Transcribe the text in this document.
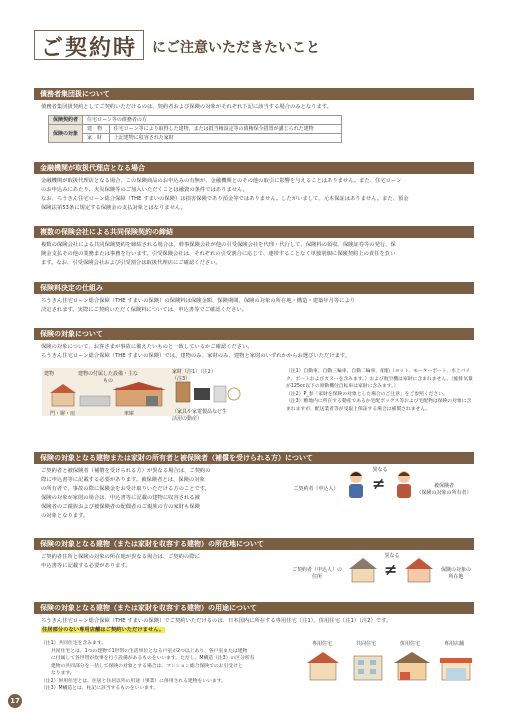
ご契約時 にご注意いただきたいこと
債務者集団扱について
債務者集団扱契約としてご契約いただけるのは、契約者および保険の対象がそれぞれ下記に該当する場合のみとなります。
保険契約者	住宅ローン等の債務者の方	
保険の対象	建　物	住宅ローン等により取得した建物、または抵当権設定等の債権保全措置が講じられた建物
	家　財	上記建物に収容された家財
金融機関が取扱代理店となる場合
金融機関が取扱代理店となる場合、この保険商品のお申込みの有無が、金融機関とのその他の取引に影響を与えることはありません。また、住宅ローン
のお申込みにあたり、火災保険等のご加入いただくことは融資の条件ではありません。
なお、ろうきん住宅ローン総合保障（THE すまいの保険）は損害保険であり預金等ではありません。したがいまして、元本保証はありません。また、預金
保険法第53条に規定する保険金の支払対象とはなりません。
複数の保険会社による共同保険契約の締結
複数の保険会社による共同保険契約を締結される場合は、幹事保険会社が他の引受保険会社を代理・代行して、保険料の領収、保険証券等の発行、保
険金支払その他の業務または事務を行います。引受保険会社は、それぞれの引受割合に応じて、連帯することなく単独別個に保険契約上の責任を負い
ます。なお、引受保険会社および引受割合は取扱代理店にご確認ください。
保険料決定の仕組み
ろうきん住宅ローン総合保障（THE すまいの保険）の保険料は保険金額、保険期間、保険の対象の所在地・構造・建築年月等により
決定されます。実際にご契約いただく保険料については、申込書等でご確認ください。
保険の対象について
保険の対象について、お客さまが事故に備えたいものと一致しているかご確認ください。
ろうきん住宅ローン総合保障（THE すまいの保険）では、建物のみ、家財のみ、建物と家財のいずれかからお選びいただけます。
建物	建物の付属した設備・主なもの
門・塀・垣	車庫
家財（注1）（注2）（注3）
（家具や家電製品など生活用の動産）
（注1）自動車、自動三輪車、自動二輪車、船舶（ヨット、モーターボート、水上バイク、ボートおよびカヌーを含みます。）および航空機は家財に含まれません。（総排気量が125cc以下の原動機付自転車は家財に含みます。）
（注2）P_参「家財を保険の対象とした場合のご注意」をご参照ください。
（注3）敷地内に所在する動産であるか宅配ボックス等および宅配物は保険の対象に含まれますが、配送業者等が受取上保証する場合は補償されません。
保険の対象となる建物または家財の所有者と被保険者（補償を受けられる方）について
ご契約者と被保険者（補償を受けられる方）が異なる場合は、ご契約の
際に申込書等に記載する必要があります。被保険者とは、保険の対象
の所有者で、事故の際に保険金をお受け取りいただける方のことです。
保険の対象が家財の場合は、申込書等に記載の建物に収容される被
保険者のご親族および被保険者の配偶者のご親族の方の家財も保険
の対象となります。
ご契約者（申込人）
異なる
≠	被保険者
（保険の対象の所有者）
保険の対象となる建物（または家財を収容する建物）の所在地について
ご契約者住所と保険の対象の所在地が異なる場合は、ご契約の際に
申込書等に記載する必要があります。
ご契約者（申込人）の
住所
異なる
≠	保険の対象の
所在地
保険の対象となる建物（または家財を収容する建物）の用途について
ろうきん住宅ローン総合保障（THE すまいの保険）でご契約いただけるのは、日本国内に所在する専用住宅（注1）、併用住宅（注1）（注2）です。
住居部分のない専用店舗はご契約いただけません。
（注1）共同住宅を含みます。
共同住宅とは、1つの建物で1世帯の生活単位となる戸室が2つ以上あり、各戸室または建物
に付属して各世帯が炊事を行う設備があるものをいいます。ただし、M構造（注3）の区分所有
建物の共同部分を一括して保険の対象とする場合は、マンション総合保険でのお引受けと
なります。
（注2）併用住宅とは、住居と住居以外の用途（事業）に併用される建物をいいます。
（注3）M構造とは、柱記に該当するものをいいます。
専用住宅	共同住宅	併用住宅	専用店舗
17
